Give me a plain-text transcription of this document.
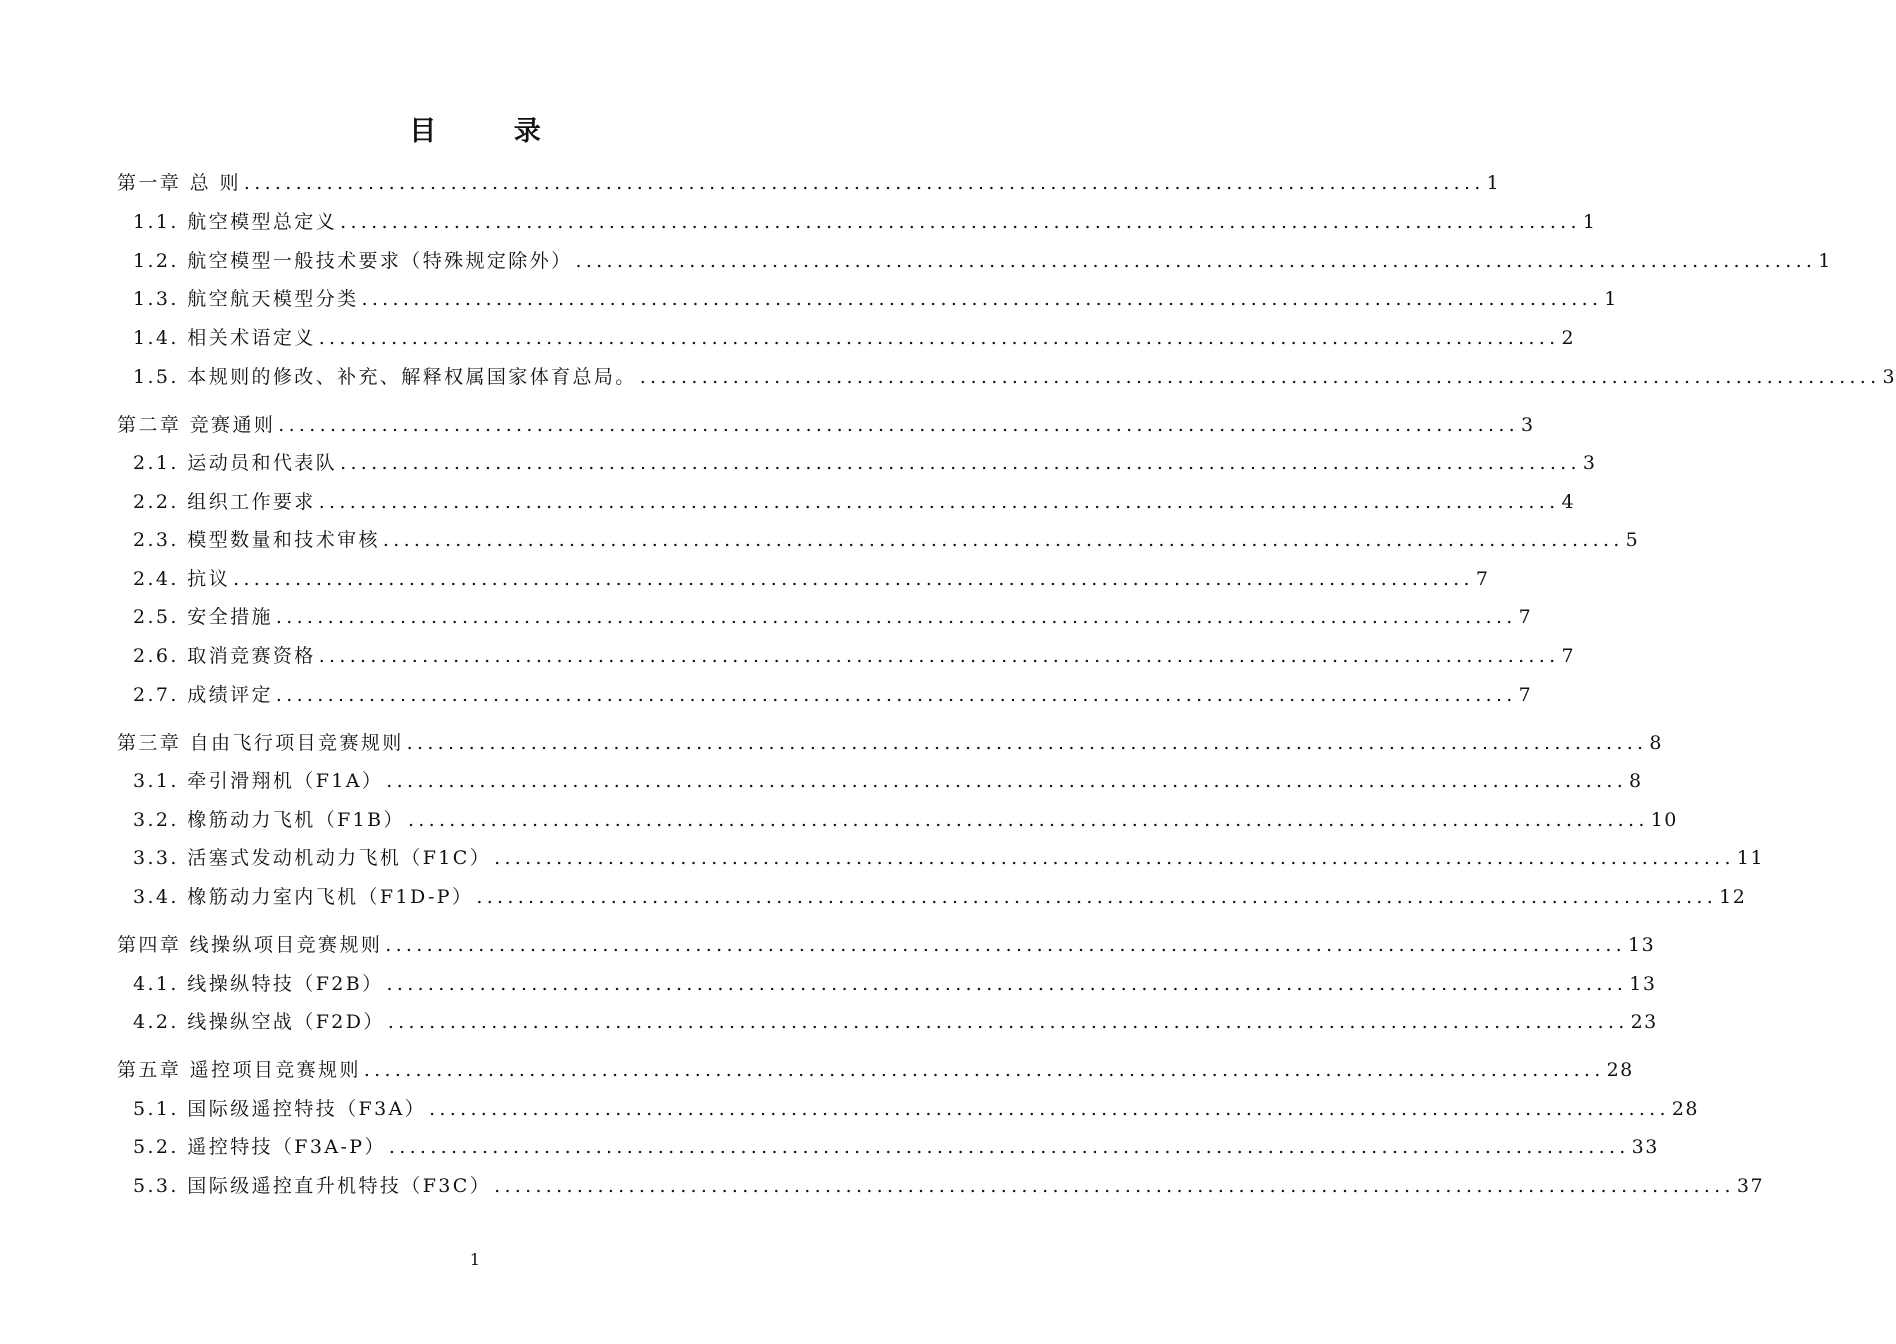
目 录
第一章 总 则 ........................................................................................................................ 1
1.1. 航空模型总定义 ........................................................................................................................ 1
1.2. 航空模型一般技术要求（特殊规定除外） ........................................................................................................................ 1
1.3. 航空航天模型分类 ........................................................................................................................ 1
1.4. 相关术语定义 ........................................................................................................................ 2
1.5. 本规则的修改、补充、解释权属国家体育总局。 ........................................................................................................................ 3
第二章 竞赛通则 ........................................................................................................................ 3
2.1. 运动员和代表队 ........................................................................................................................ 3
2.2. 组织工作要求 ........................................................................................................................ 4
2.3. 模型数量和技术审核 ........................................................................................................................ 5
2.4. 抗议 ........................................................................................................................ 7
2.5. 安全措施 ........................................................................................................................ 7
2.6. 取消竞赛资格 ........................................................................................................................ 7
2.7. 成绩评定 ........................................................................................................................ 7
第三章 自由飞行项目竞赛规则 ........................................................................................................................ 8
3.1. 牵引滑翔机（F1A） ........................................................................................................................ 8
3.2. 橡筋动力飞机（F1B） ........................................................................................................................ 10
3.3. 活塞式发动机动力飞机（F1C） ........................................................................................................................ 11
3.4. 橡筋动力室内飞机（F1D-P） ........................................................................................................................ 12
第四章 线操纵项目竞赛规则 ........................................................................................................................ 13
4.1. 线操纵特技（F2B） ........................................................................................................................ 13
4.2. 线操纵空战（F2D） ........................................................................................................................ 23
第五章 遥控项目竞赛规则 ........................................................................................................................ 28
5.1. 国际级遥控特技（F3A） ........................................................................................................................ 28
5.2. 遥控特技（F3A-P） ........................................................................................................................ 33
5.3. 国际级遥控直升机特技（F3C） ........................................................................................................................ 37
1
